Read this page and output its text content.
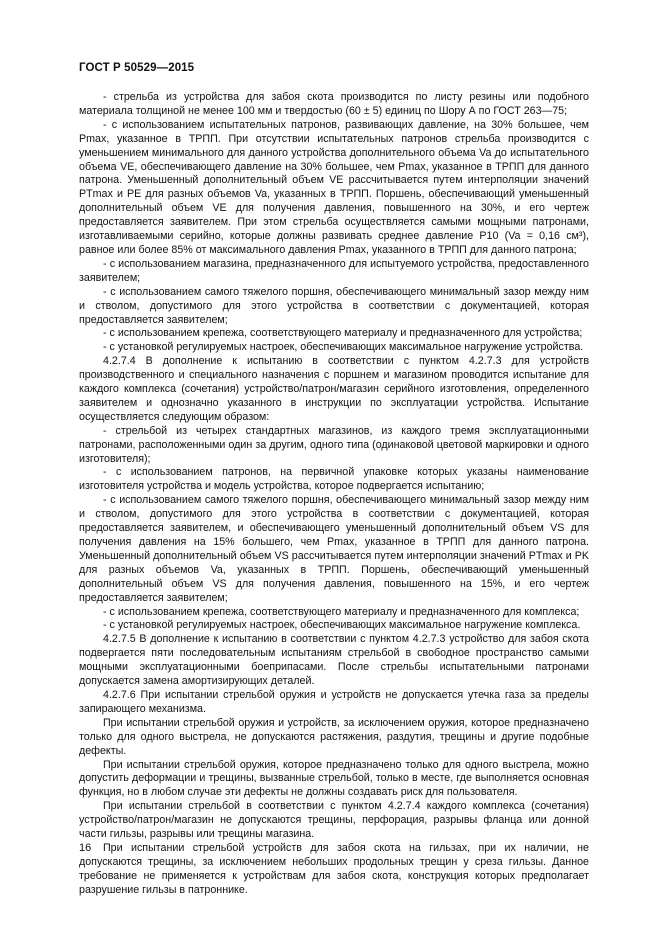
ГОСТ Р 50529—2015

- стрельба из устройства для забоя скота производится по листу резины или подобного материала толщиной не менее 100 мм и твердостью (60 ± 5) единиц по Шору А по ГОСТ 263—75;

- с использованием испытательных патронов, развивающих давление, на 30% большее, чем Pmax, указанное в ТРПП. При отсутствии испытательных патронов стрельба производится с уменьшением минимального для данного устройства дополнительного объема Va до испытательного объема VE, обеспечивающего давление на 30% большее, чем Pmax, указанное в ТРПП для данного патрона. Уменьшенный дополнительный объем VE рассчитывается путем интерполяции значений PTmax и PE для разных объемов Va, указанных в ТРПП. Поршень, обеспечивающий уменьшенный дополнительный объем VE для получения давления, повышенного на 30%, и его чертеж предоставляется заявителем. При этом стрельба осуществляется самыми мощными патронами, изготавливаемыми серийно, которые должны развивать среднее давление P10 (Va = 0,16 см³), равное или более 85% от максимального давления Pmax, указанного в ТРПП для данного патрона;

- с использованием магазина, предназначенного для испытуемого устройства, предоставленного заявителем;

- с использованием самого тяжелого поршня, обеспечивающего минимальный зазор между ним и стволом, допустимого для этого устройства в соответствии с документацией, которая предоставляется заявителем;

- с использованием крепежа, соответствующего материалу и предназначенного для устройства;

- с установкой регулируемых настроек, обеспечивающих максимальное нагружение устройства.

4.2.7.4 В дополнение к испытанию в соответствии с пунктом 4.2.7.3 для устройств производственного и специального назначения с поршнем и магазином проводится испытание для каждого комплекса (сочетания) устройство/патрон/магазин серийного изготовления, определенного заявителем и однозначно указанного в инструкции по эксплуатации устройства. Испытание осуществляется следующим образом:

- стрельбой из четырех стандартных магазинов, из каждого тремя эксплуатационными патронами, расположенными один за другим, одного типа (одинаковой цветовой маркировки и одного изготовителя);

- с использованием патронов, на первичной упаковке которых указаны наименование изготовителя устройства и модель устройства, которое подвергается испытанию;

- с использованием самого тяжелого поршня, обеспечивающего минимальный зазор между ним и стволом, допустимого для этого устройства в соответствии с документацией, которая предоставляется заявителем, и обеспечивающего уменьшенный дополнительный объем VS для получения давления на 15% большего, чем Pmax, указанное в ТРПП для данного патрона. Уменьшенный дополнительный объем VS рассчитывается путем интерполяции значений PTmax и PK для разных объемов Va, указанных в ТРПП. Поршень, обеспечивающий уменьшенный дополнительный объем VS для получения давления, повышенного на 15%, и его чертеж предоставляется заявителем;

- с использованием крепежа, соответствующего материалу и предназначенного для комплекса;

- с установкой регулируемых настроек, обеспечивающих максимальное нагружение комплекса.

4.2.7.5 В дополнение к испытанию в соответствии с пунктом 4.2.7.3 устройство для забоя скота подвергается пяти последовательным испытаниям стрельбой в свободное пространство самыми мощными эксплуатационными боеприпасами. После стрельбы испытательными патронами допускается замена амортизирующих деталей.

4.2.7.6 При испытании стрельбой оружия и устройств не допускается утечка газа за пределы запирающего механизма.

При испытании стрельбой оружия и устройств, за исключением оружия, которое предназначено только для одного выстрела, не допускаются растяжения, раздутия, трещины и другие подобные дефекты.

При испытании стрельбой оружия, которое предназначено только для одного выстрела, можно допустить деформации и трещины, вызванные стрельбой, только в месте, где выполняется основная функция, но в любом случае эти дефекты не должны создавать риск для пользователя.

При испытании стрельбой в соответствии с пунктом 4.2.7.4 каждого комплекса (сочетания) устройство/патрон/магазин не допускаются трещины, перфорация, разрывы фланца или донной части гильзы, разрывы или трещины магазина.

При испытании стрельбой устройств для забоя скота на гильзах, при их наличии, не допускаются трещины, за исключением небольших продольных трещин у среза гильзы. Данное требование не применяется к устройствам для забоя скота, конструкция которых предполагает разрушение гильзы в патроннике.

16
